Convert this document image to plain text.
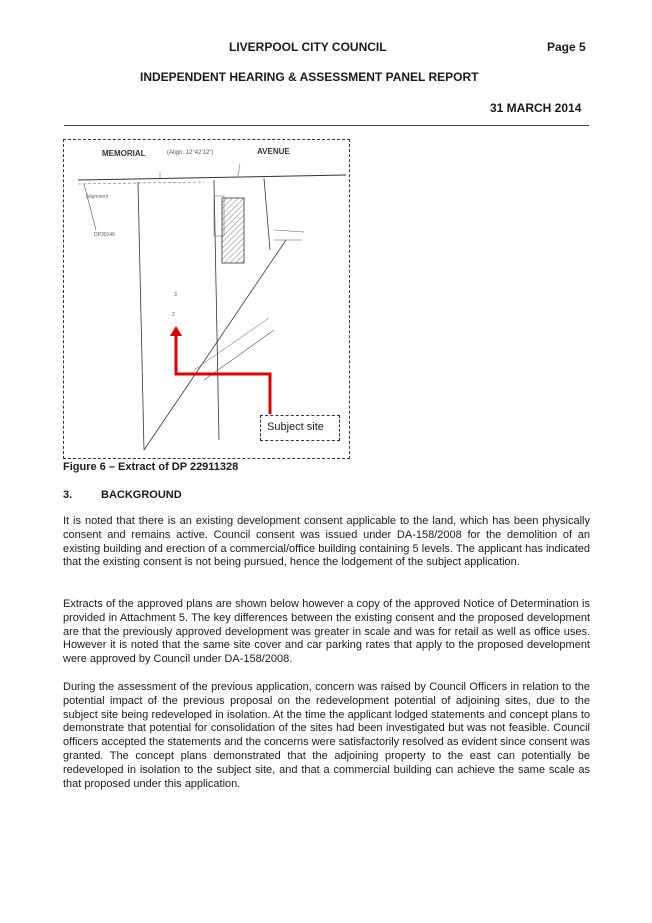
LIVERPOOL CITY COUNCIL	Page 5
INDEPENDENT HEARING & ASSESSMENT PANEL REPORT
31 MARCH 2014
MEMORIAL	(Align. 12°42'12")	AVENUE
Alignment
DP30146
3
2
Subject site
Figure 6 – Extract of DP 22911328
3.	BACKGROUND

It is noted that there is an existing development consent applicable to the land, which has been physically consent and remains active. Council consent was issued under DA-158/2008 for the demolition of an existing building and erection of a commercial/office building containing 5 levels. The applicant has indicated that the existing consent is not being pursued, hence the lodgement of the subject application.

Extracts of the approved plans are shown below however a copy of the approved Notice of Determination is provided in Attachment 5. The key differences between the existing consent and the proposed development are that the previously approved development was greater in scale and was for retail as well as office uses. However it is noted that the same site cover and car parking rates that apply to the proposed development were approved by Council under DA-158/2008.

During the assessment of the previous application, concern was raised by Council Officers in relation to the potential impact of the previous proposal on the redevelopment potential of adjoining sites, due to the subject site being redeveloped in isolation. At the time the applicant lodged statements and concept plans to demonstrate that potential for consolidation of the sites had been investigated but was not feasible. Council officers accepted the statements and the concerns were satisfactorily resolved as evident since consent was granted. The concept plans demonstrated that the adjoining property to the east can potentially be redeveloped in isolation to the subject site, and that a commercial building can achieve the same scale as that proposed under this application.
